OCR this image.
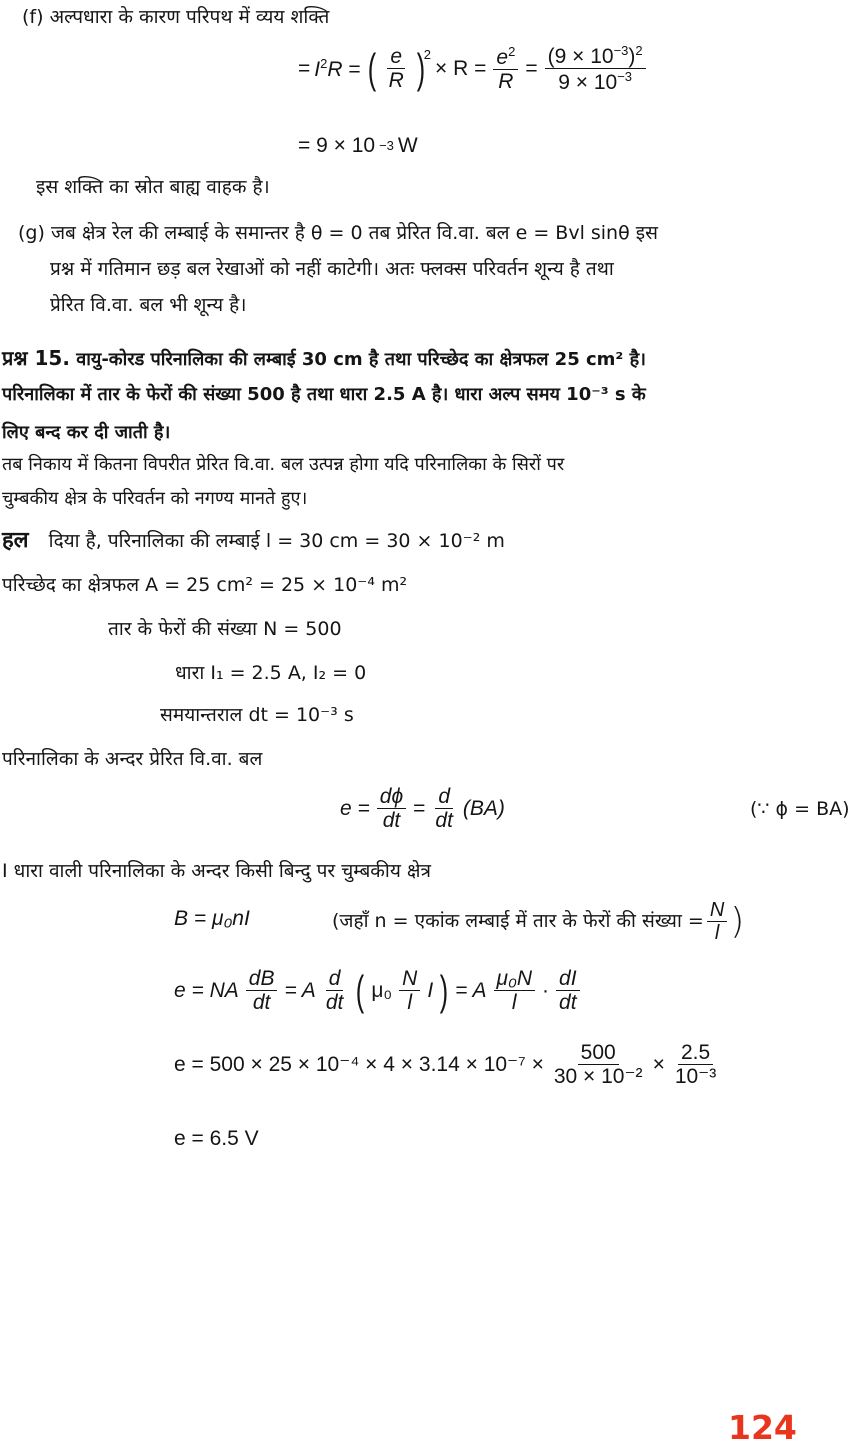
(f) अल्पधारा के कारण परिपथ में व्यय शक्ति
= $I^2R$ = ( $\frac{e}{R}$ )
2
× $R = \frac{e^2}{R} = \frac{(9 \times 10^{-3})^2}{9 \times 10^{-3}}$
= 9 × 10 −3 W
इस शक्ति का स्रोत बाह्य वाहक है।
(g) जब क्षेत्र रेल की लम्बाई के समान्तर है θ = 0 तब प्रेरित वि.वा. बल e = Bvl sinθ इस
प्रश्न में गतिमान छड़ बल रेखाओं को नहीं काटेगी। अतः फ्लक्स परिवर्तन शून्य है तथा
प्रेरित वि.वा. बल भी शून्य है।
प्रश्न 15. वायु-कोरड परिनालिका की लम्बाई 30 cm है तथा परिच्छेद का क्षेत्रफल 25 cm² है।
परिनालिका में तार के फेरों की संख्या 500 है तथा धारा 2.5 A है। धारा अल्प समय 10⁻³ s के
लिए बन्द कर दी जाती है।
तब निकाय में कितना विपरीत प्रेरित वि.वा. बल उत्पन्न होगा यदि परिनालिका के सिरों पर
चुम्बकीय क्षेत्र के परिवर्तन को नगण्य मानते हुए।
हल दिया है, परिनालिका की लम्बाई l = 30 cm = 30 × 10⁻² m
परिच्छेद का क्षेत्रफल A = 25 cm² = 25 × 10⁻⁴ m²
तार के फेरों की संख्या N = 500
धारा I₁ = 2.5 A, I₂ = 0
समयान्तराल dt = 10⁻³ s
परिनालिका के अन्दर प्रेरित वि.वा. बल
$e = \frac{d\phi}{dt} = \frac{d}{dt} (BA)$	(∵ ϕ = BA)
I धारा वाली परिनालिका के अन्दर किसी बिन्दु पर चुम्बकीय क्षेत्र
B = μ₀nI	(जहाँ n = एकांक लम्बाई में तार के फेरों की संख्या = $\frac{N}{l}$ )
e = NA $\frac{dB}{dt} = A \frac{d}{dt}$ ( $\mu_0 \frac{N}{l}$ I ) = A $\frac{\text{μ₀N}}{l} \cdot \frac{dI}{dt}$
$e = 500 \times 25 \times 10^{-4} \times 4 \times 3.14 \times 10^{-7} \times \frac{500}{\text{30 × 10⁻²}} \times \frac{2.5}{\text{10⁻³}}$
e = 6.5 V
124
